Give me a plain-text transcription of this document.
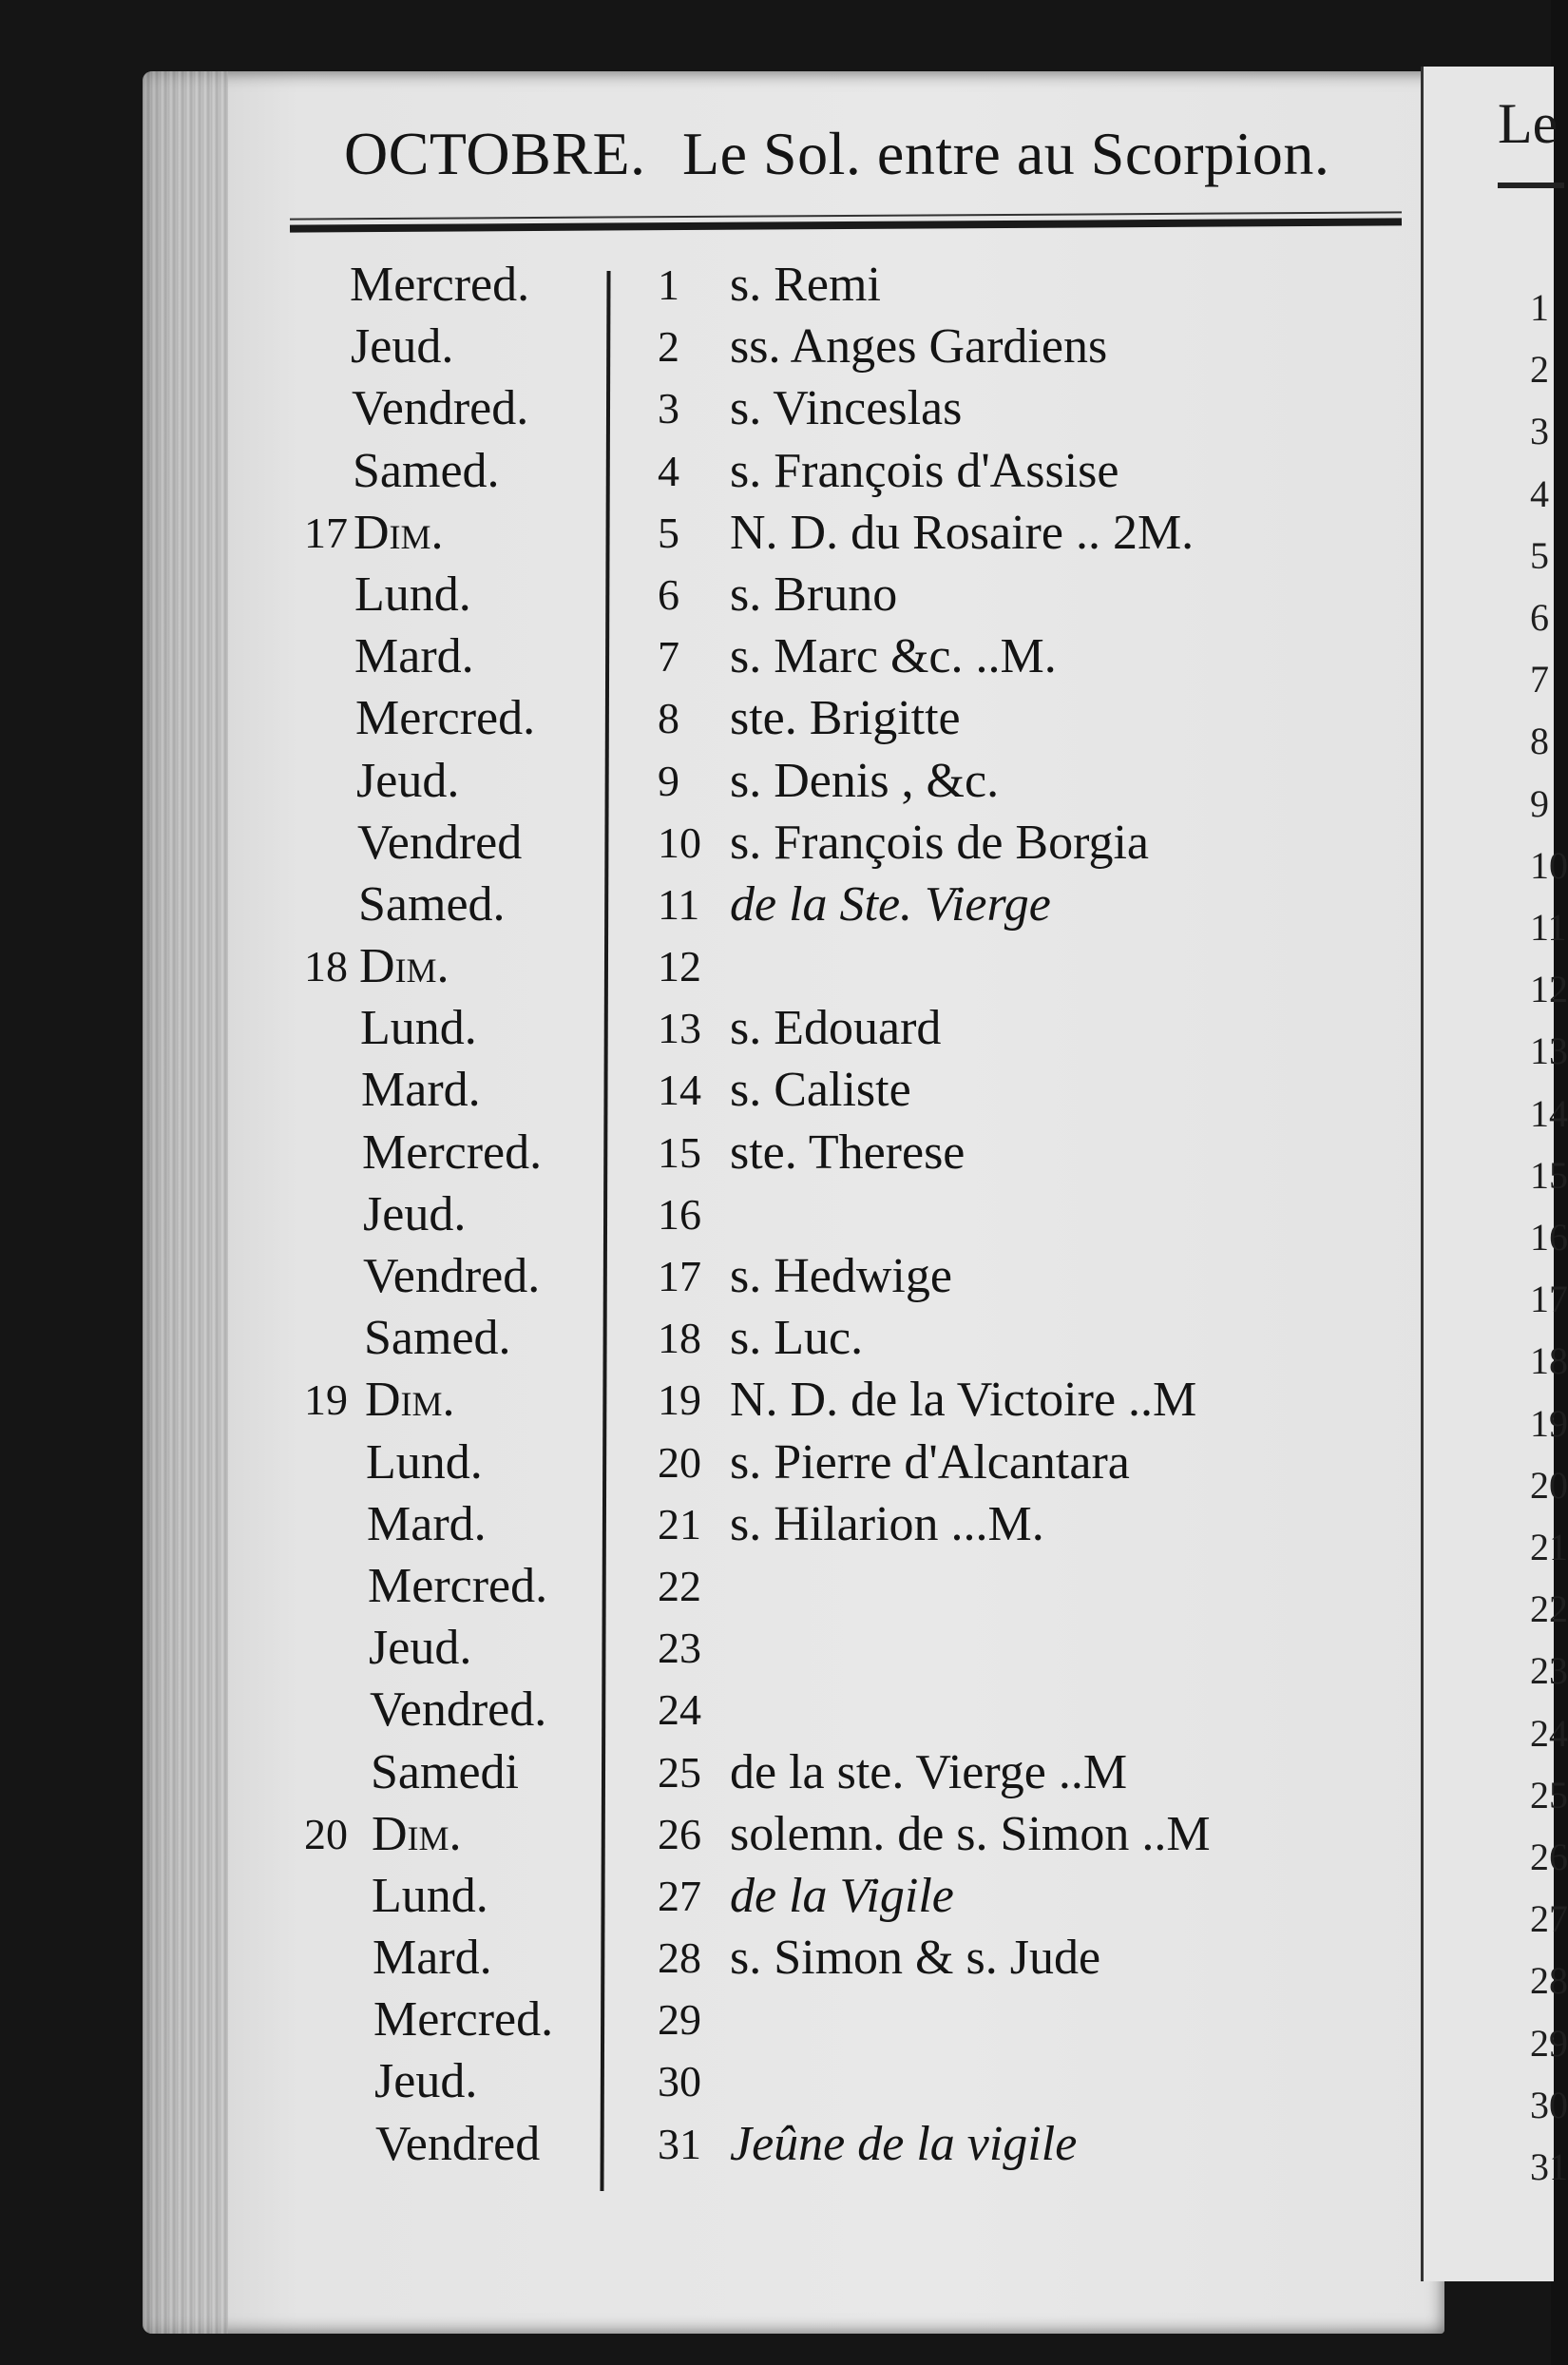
Le
1
2
3
4
5
6
7
8
9
10
11
12
13
14
15
16
17
18
19
20
21
22
23
24
25
26
27
28
29
30
31
OCTOBRE. Le Sol. entre au Scorpion.
Mercred.	1	s. Remi
Jeud.	2	ss. Anges Gardiens
Vendred.	3	s. Vinceslas
Samed.	4	s. François d'Assise
17 Dim.	5	N. D. du Rosaire .. 2M.
Lund.	6	s. Bruno
Mard.	7	s. Marc &c. ..M.
Mercred.	8	ste. Brigitte
Jeud.	9	s. Denis , &c.
Vendred	10 s. François de Borgia
Samed.	11 de la Ste. Vierge
18 Dim.	12
Lund.	13 s. Edouard
Mard.	14 s. Caliste
Mercred.	15 ste. Therese
Jeud.	16
Vendred.	17 s. Hedwige
Samed.	18 s. Luc.
19 Dim.	19 N. D. de la Victoire ..M
Lund.	20 s. Pierre d'Alcantara
Mard.	21 s. Hilarion ...M.
Mercred.	22
Jeud.	23
Vendred.	24
Samedi	25 de la ste. Vierge ..M
20 Dim.	26 solemn. de s. Simon ..M
Lund.	27 de la Vigile
Mard.	28 s. Simon & s. Jude
Mercred. 29
Jeud.	30
Vendred	31 Jeûne de la vigile
